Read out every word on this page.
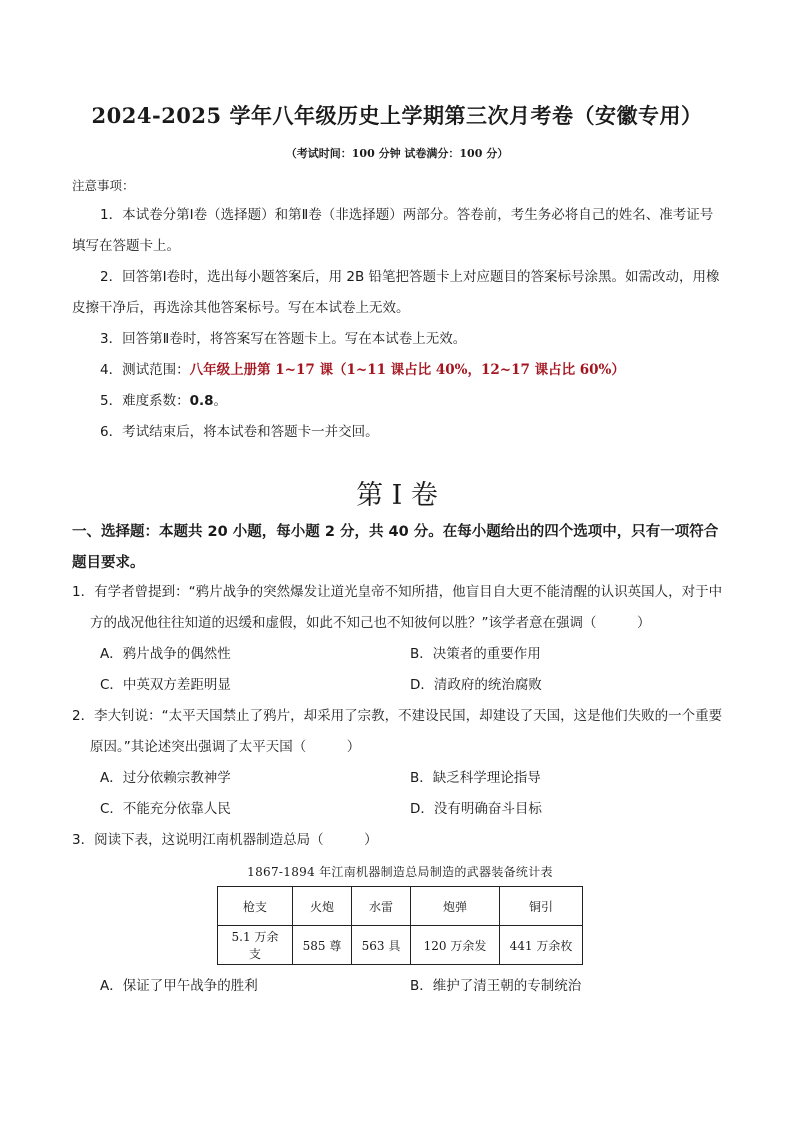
2024-2025 学年八年级历史上学期第三次月考卷（安徽专用）
（考试时间：100 分钟 试卷满分：100 分）
注意事项：

1．本试卷分第Ⅰ卷（选择题）和第Ⅱ卷（非选择题）两部分。答卷前，考生务必将自己的姓名、准考证号填写在答题卡上。

2．回答第Ⅰ卷时，选出每小题答案后，用 2B 铅笔把答题卡上对应题目的答案标号涂黑。如需改动，用橡皮擦干净后，再选涂其他答案标号。写在本试卷上无效。

3．回答第Ⅱ卷时，将答案写在答题卡上。写在本试卷上无效。

4．测试范围：八年级上册第 1~17 课（1~11 课占比 40%，12~17 课占比 60%）

5．难度系数：0.8。

6．考试结束后，将本试卷和答题卡一并交回。

第 I 卷
一、选择题：本题共 20 小题，每小题 2 分，共 40 分。在每小题给出的四个选项中，只有一项符合题目要求。

1．有学者曾提到：“鸦片战争的突然爆发让道光皇帝不知所措，他盲目自大更不能清醒的认识英国人，对于中方的战况他往往知道的迟缓和虚假，如此不知己也不知彼何以胜？”该学者意在强调（　　　）

A．鸦片战争的偶然性	B．决策者的重要作用
C．中英双方差距明显	D．清政府的统治腐败

2．李大钊说：“太平天国禁止了鸦片，却采用了宗教，不建设民国，却建设了天国，这是他们失败的一个重要原因。”其论述突出强调了太平天国（　　　）

A．过分依赖宗教神学	B．缺乏科学理论指导
C．不能充分依靠人民	D．没有明确奋斗目标

3．阅读下表，这说明江南机器制造总局（　　　）

1867-1894 年江南机器制造总局制造的武器装备统计表
枪支	火炮	水雷	炮弹	铜引
5.1 万余支	585 尊	563 具	120 万余发	441 万余枚
A．保证了甲午战争的胜利	B．维护了清王朝的专制统治
